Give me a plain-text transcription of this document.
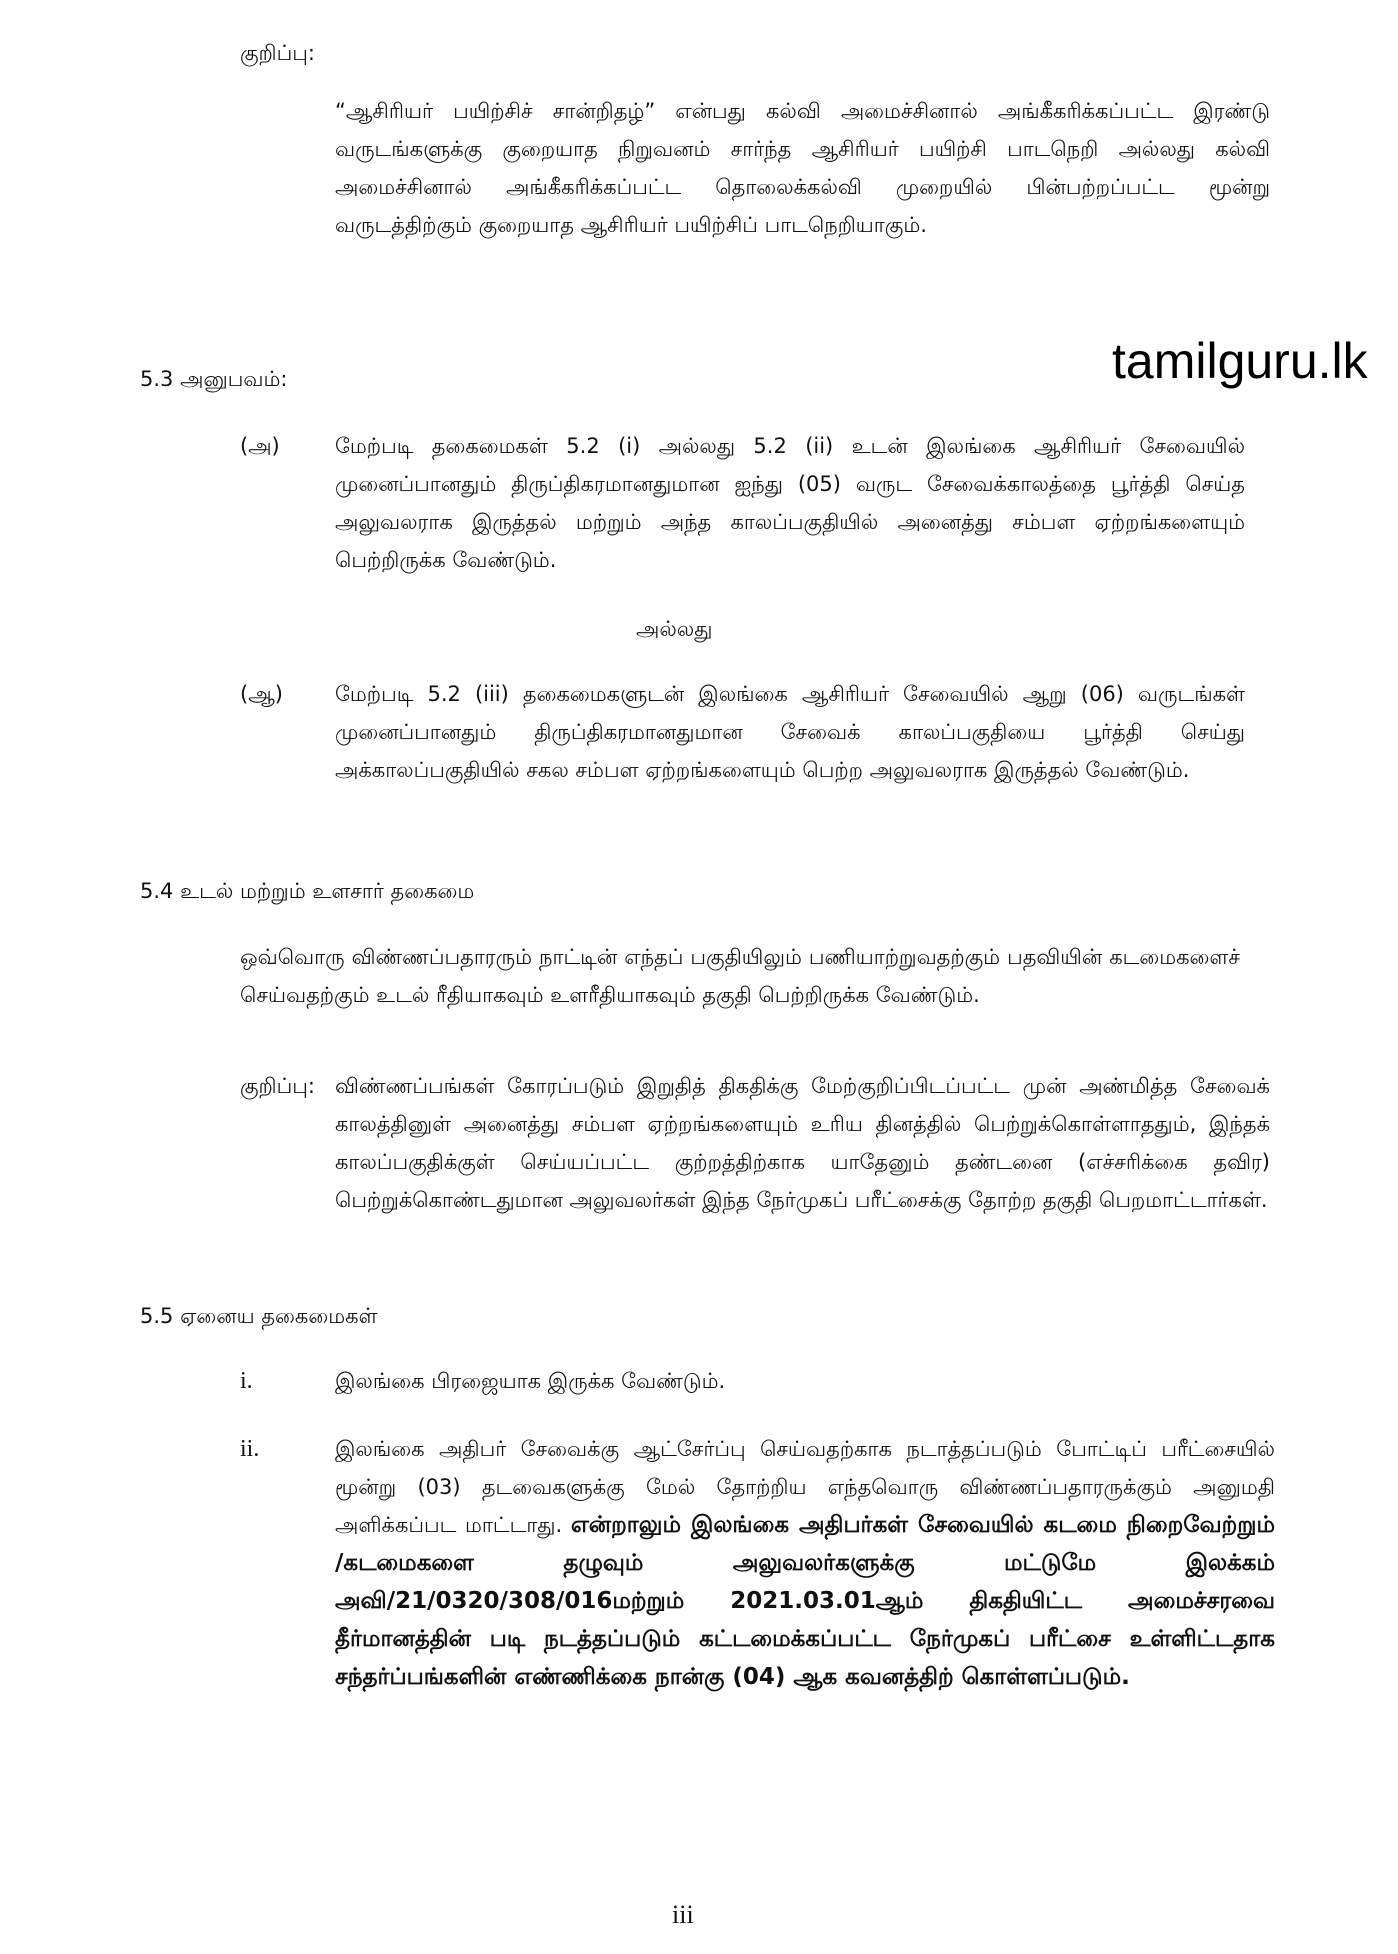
குறிப்பு:
“ஆசிரியர் பயிற்சிச் சான்றிதழ்” என்பது கல்வி அமைச்சினால் அங்கீகரிக்கப்பட்ட இரண்டு வருடங்களுக்கு குறையாத நிறுவனம் சார்ந்த ஆசிரியர் பயிற்சி பாடநெறி அல்லது கல்வி அமைச்சினால் அங்கீகரிக்கப்பட்ட தொலைக்கல்வி முறையில் பின்பற்றப்பட்ட மூன்று வருடத்திற்கும் குறையாத ஆசிரியர் பயிற்சிப் பாடநெறியாகும்.
tamilguru.lk
5.3 அனுபவம்:
(அ)	மேற்படி தகைமைகள் 5.2 (i) அல்லது 5.2 (ii) உடன் இலங்கை ஆசிரியர் சேவையில் முனைப்பானதும் திருப்திகரமானதுமான ஐந்து (05) வருட சேவைக்காலத்தை பூர்த்தி செய்த அலுவலராக இருத்தல் மற்றும் அந்த காலப்பகுதியில் அனைத்து சம்பள ஏற்றங்களையும் பெற்றிருக்க வேண்டும்.
அல்லது
(ஆ) மேற்படி 5.2 (iii) தகைமைகளுடன் இலங்கை ஆசிரியர் சேவையில் ஆறு (06) வருடங்கள் முனைப்பானதும் திருப்திகரமானதுமான சேவைக் காலப்பகுதியை பூர்த்தி செய்து அக்காலப்பகுதியில் சகல சம்பள ஏற்றங்களையும் பெற்ற அலுவலராக இருத்தல் வேண்டும்.
5.4 உடல் மற்றும் உளசார் தகைமை
ஒவ்வொரு விண்ணப்பதாரரும் நாட்டின் எந்தப் பகுதியிலும் பணியாற்றுவதற்கும் பதவியின் கடமைகளைச் செய்வதற்கும் உடல் ரீதியாகவும் உளரீதியாகவும் தகுதி பெற்றிருக்க வேண்டும்.
குறிப்பு: விண்ணப்பங்கள் கோரப்படும் இறுதித் திகதிக்கு மேற்குறிப்பிடப்பட்ட முன் அண்மித்த சேவைக் காலத்தினுள் அனைத்து சம்பள ஏற்றங்களையும் உரிய தினத்தில் பெற்றுக்கொள்ளாததும், இந்தக் காலப்பகுதிக்குள் செய்யப்பட்ட குற்றத்திற்காக யாதேனும் தண்டனை (எச்சரிக்கை தவிர) பெற்றுக்கொண்டதுமான அலுவலர்கள் இந்த நேர்முகப் பரீட்சைக்கு தோற்ற தகுதி பெறமாட்டார்கள்.
5.5 ஏனைய தகைமைகள்
i.	இலங்கை பிரஜையாக இருக்க வேண்டும்.
ii.	இலங்கை அதிபர் சேவைக்கு ஆட்சேர்ப்பு செய்வதற்காக நடாத்தப்படும் போட்டிப் பரீட்சையில் மூன்று (03) தடவைகளுக்கு மேல் தோற்றிய எந்தவொரு விண்ணப்பதாரருக்கும் அனுமதி அளிக்கப்பட மாட்டாது. என்றாலும் இலங்கை அதிபர்கள் சேவையில் கடமை நிறைவேற்றும் /கடமைகளை தழுவும் அலுவலர்களுக்கு மட்டுமே இலக்கம் அவி/21/0320/308/016மற்றும் 2021.03.01ஆம் திகதியிட்ட அமைச்சரவை தீர்மானத்தின் படி நடத்தப்படும் கட்டமைக்கப்பட்ட நேர்முகப் பரீட்சை உள்ளிட்டதாக சந்தர்ப்பங்களின் எண்ணிக்கை நான்கு (04) ஆக கவனத்திற் கொள்ளப்படும்.
iii
